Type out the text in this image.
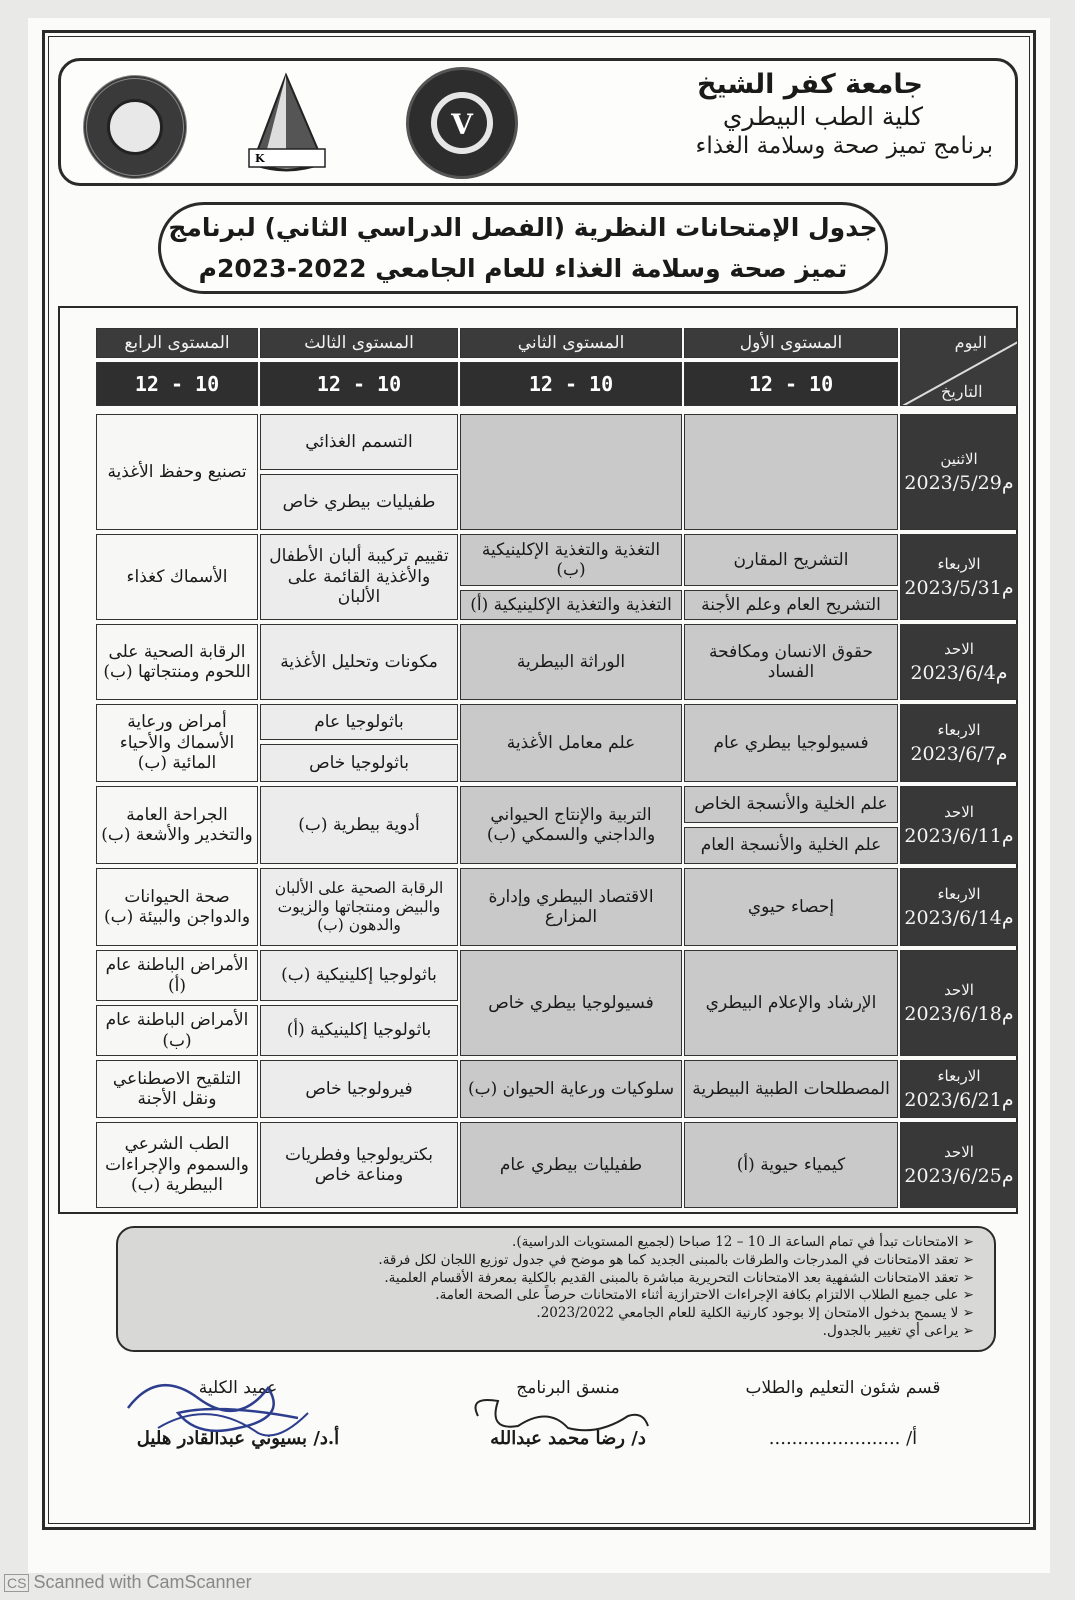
K
V
جامعة كفر الشيخ
كلية الطب البيطري
برنامج تميز صحة وسلامة الغذاء
جدول الإمتحانات النظرية (الفصل الدراسي الثاني) لبرنامج
تميز صحة وسلامة الغذاء للعام الجامعي 2022-2023م
اليوم
التاريخ
المستوى الأول
المستوى الثاني
المستوى الثالث
المستوى الرابع
12 - 10
12 - 10
12 - 10
12 - 10
الاثنين
2023/5/29م
التسمم الغذائي
طفيليات بيطري خاص
تصنيع وحفظ الأغذية
الاربعاء
2023/5/31م
التشريح المقارن
التشريح العام وعلم الأجنة
التغذية والتغذية الإكلينيكية (ب)
التغذية والتغذية الإكلينيكية (أ)
تقييم تركيبة ألبان الأطفال والأغذية القائمة على الألبان
الأسماك كغذاء
الاحد
2023/6/4م
حقوق الانسان ومكافحة الفساد
الوراثة البيطرية
مكونات وتحليل الأغذية
الرقابة الصحية على اللحوم ومنتجاتها (ب)
الاربعاء
2023/6/7م
فسيولوجيا بيطري عام
علم معامل الأغذية
باثولوجيا عام
باثولوجيا خاص
أمراض ورعاية الأسماك والأحياء المائية (ب)
الاحد
2023/6/11م
علم الخلية والأنسجة الخاص
علم الخلية والأنسجة العام
التربية والإنتاج الحيواني والداجني والسمكي (ب)
أدوية بيطرية (ب)
الجراحة العامة والتخدير والأشعة (ب)
الاربعاء
2023/6/14م
إحصاء حيوي
الاقتصاد البيطري وإدارة المزارع
الرقابة الصحية على الألبان والبيض ومنتجاتها والزيوت والدهون (ب)
صحة الحيوانات والدواجن والبيئة (ب)
الاحد
2023/6/18م
الإرشاد والإعلام البيطري
فسيولوجيا بيطري خاص
باثولوجيا إكلينيكية (ب)
باثولوجيا إكلينيكية (أ)
الأمراض الباطنة عام (أ)
الأمراض الباطنة عام (ب)
الاربعاء
2023/6/21م
المصطلحات الطبية البيطرية
سلوكيات ورعاية الحيوان (ب)
فيرولوجيا خاص
التلقيح الاصطناعي ونقل الأجنة
الاحد
2023/6/25م
كيمياء حيوية (أ)
طفيليات بيطري عام
بكتريولوجيا وفطريات ومناعة خاص
الطب الشرعي والسموم والإجراءات البيطرية (ب)
➢ الامتحانات تبدأ في تمام الساعة الـ 10 – 12 صباحا (لجميع المستويات الدراسية).
➢ تعقد الامتحانات في المدرجات والطرقات بالمبنى الجديد كما هو موضح في جدول توزيع اللجان لكل فرقة.
➢ تعقد الامتحانات الشفهية بعد الامتحانات التحريرية مباشرة بالمبنى القديم بالكلية بمعرفة الأقسام العلمية.
➢ على جميع الطلاب الالتزام بكافة الإجراءات الاحترازية أثناء الامتحانات حرصاً على الصحة العامة.
➢ لا يسمح بدخول الامتحان إلا بوجود كارنية الكلية للعام الجامعي 2023/2022.
➢ يراعى أي تغيير بالجدول.
عميد الكلية
أ.د/ بسيوني عبدالقادر هليل
منسق البرنامج
د/ رضا محمد عبدالله
قسم شئون التعليم والطلاب
أ/ .......................
CS Scanned with CamScanner
